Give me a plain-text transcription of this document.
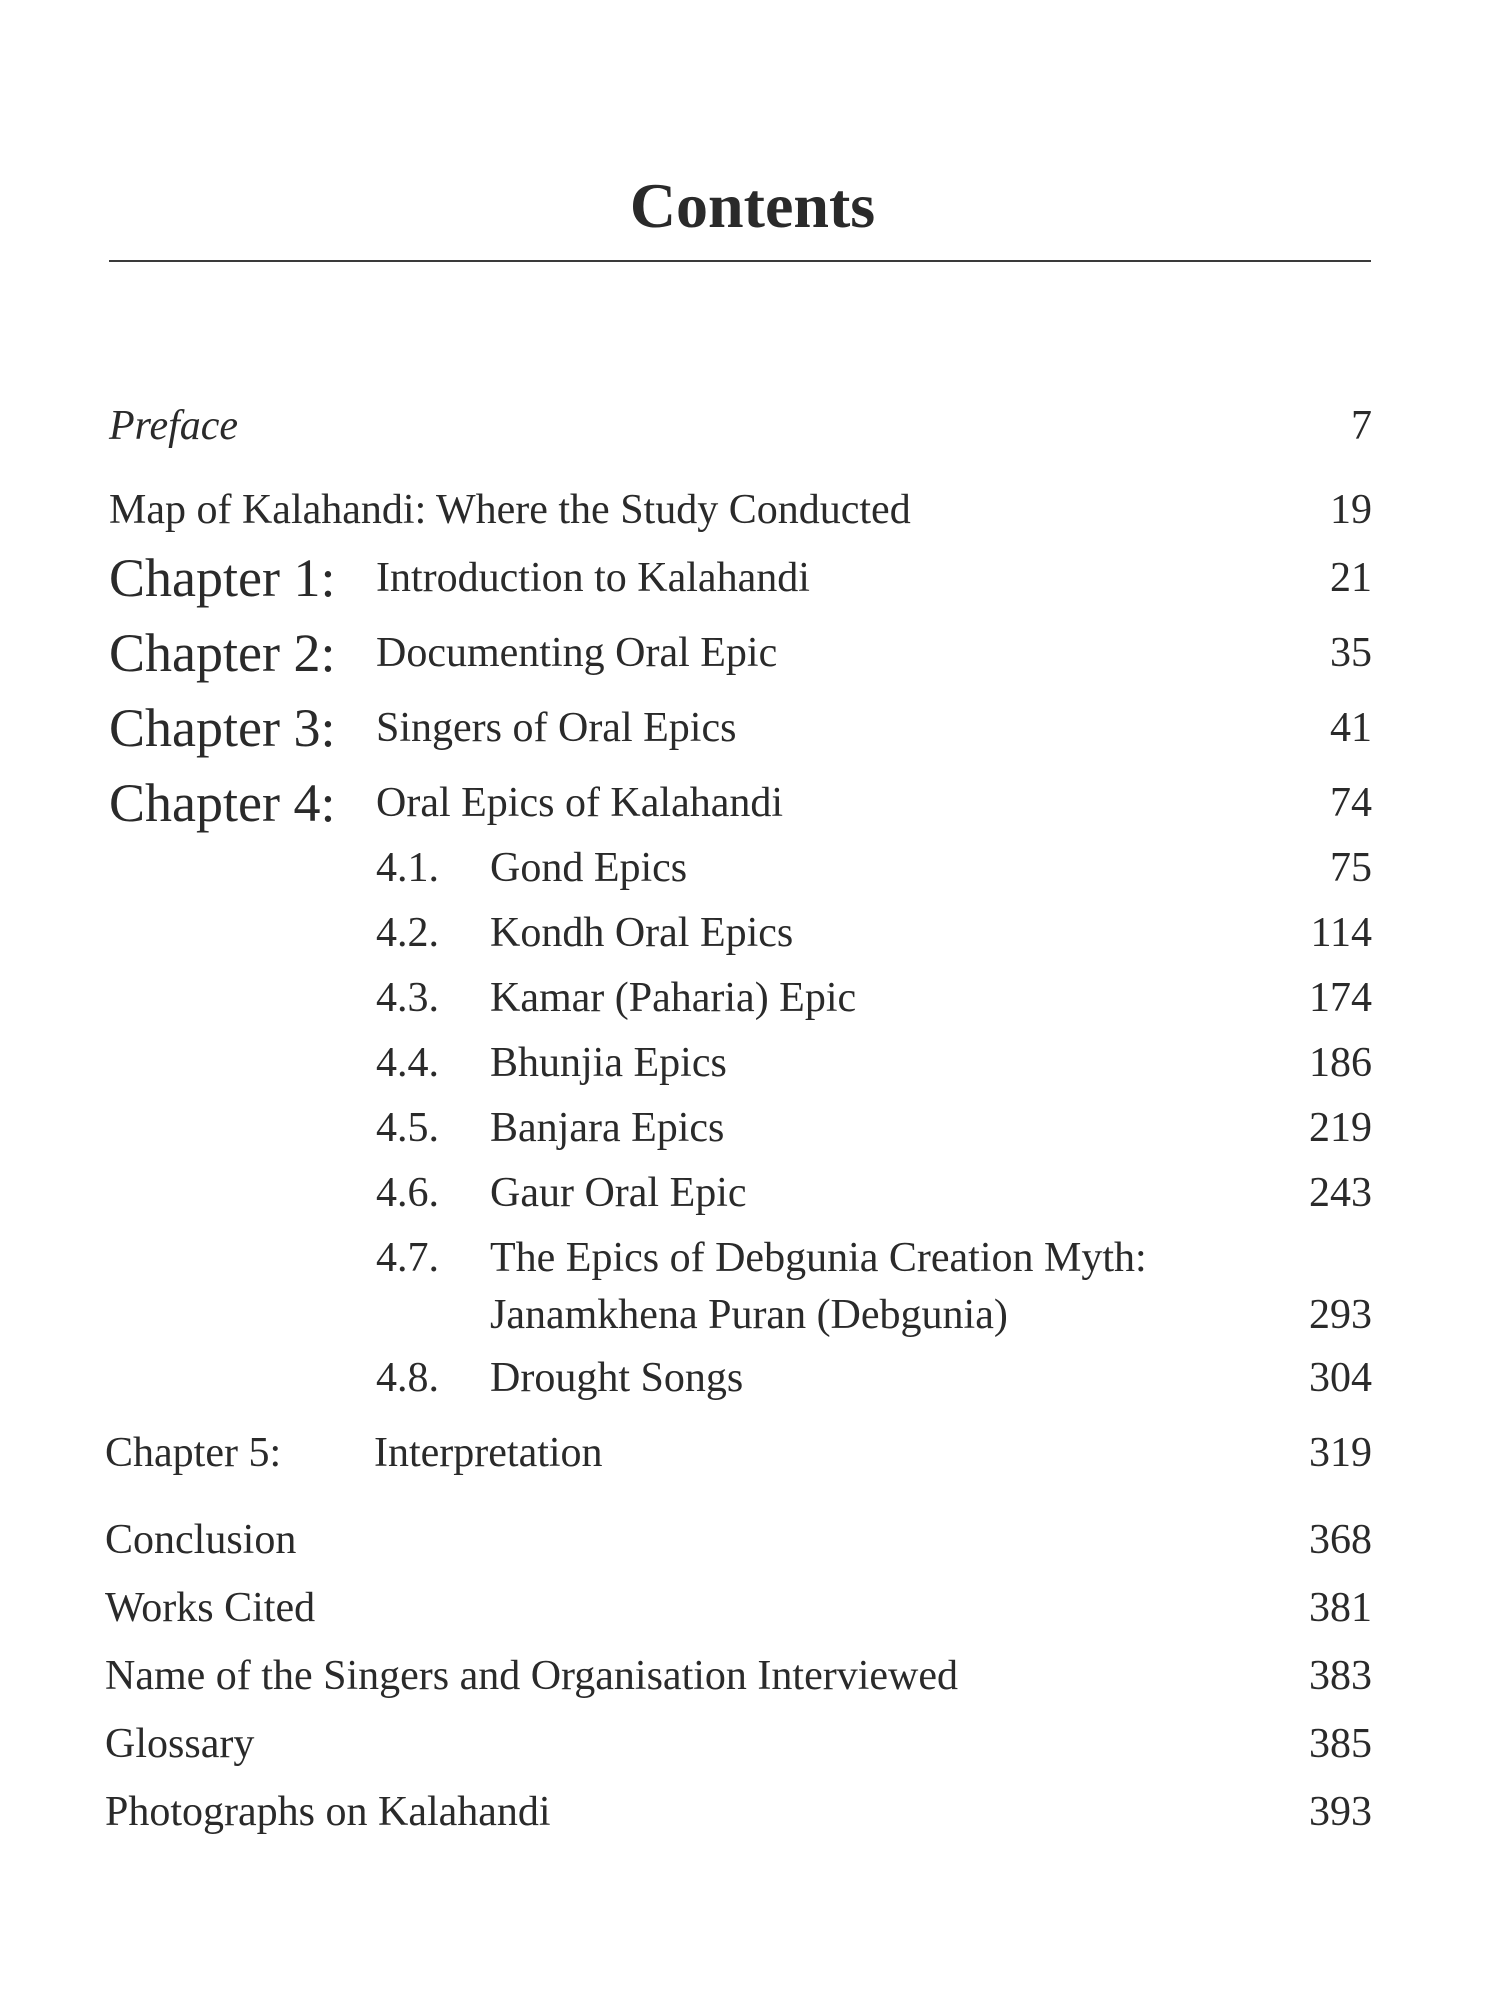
Contents
Preface	7
Map of Kalahandi: Where the Study Conducted	19
Chapter 1: Introduction to Kalahandi	21
Chapter 2: Documenting Oral Epic	35
Chapter 3: Singers of Oral Epics	41
Chapter 4: Oral Epics of Kalahandi	74
4.1. Gond Epics	75
4.2. Kondh Oral Epics	114
4.3. Kamar (Paharia) Epic	174
4.4. Bhunjia Epics	186
4.5. Banjara Epics	219
4.6. Gaur Oral Epic	243
4.7. The Epics of Debgunia Creation Myth:
Janamkhena Puran (Debgunia)	293
4.8. Drought Songs	304
Chapter 5: Interpretation	319
Conclusion	368
Works Cited	381
Name of the Singers and Organisation Interviewed	383
Glossary	385
Photographs on Kalahandi	393
